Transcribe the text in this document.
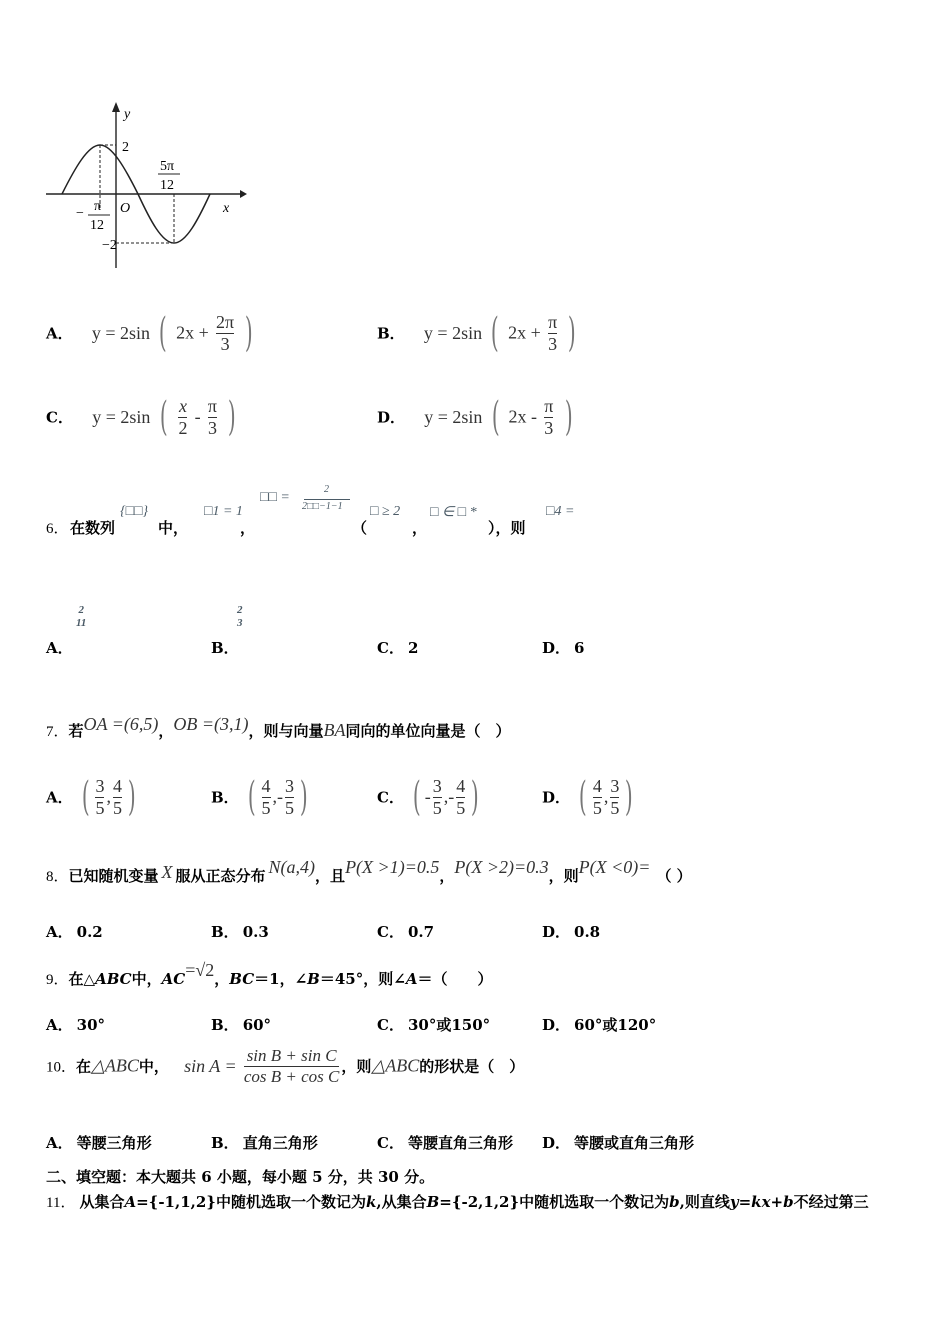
y
x
O
2
−2
5π
12
− π
12
A． y = 2sin ( $2x + \frac{2\pi}{3}$ )	B． y = 2sin ( $2x + \frac{\pi}{3}$ )
C． y = 2sin ( $\frac{x}{2} - \frac{\pi}{3}$ )	D． y = 2sin ( $2x - \frac{\pi}{3}$ )
6． 在数列
{□□}
中，
□1 = 1
，
□□ =
2
2□□−1−1
（
□ ≥ 2
，
□ ∈ □ *
），则
□4 =
A．
2
11
B．
2
3
C． 2	D． 6
7．若OA =(6,5)，OB =(3,1)，则与向量BA同向的单位向量是（　）
A． ( $\frac{3}{5}$ , $\frac{4}{5}$ )	B． ( $\frac{4}{5}$ ,- $\frac{3}{5}$ )	C． ( - $\frac{3}{5}$ ,- $\frac{4}{5}$ )	D． ( $\frac{4}{5}$ , $\frac{3}{5}$ )
8．已知随机变量 X 服从正态分布 N(a,4)，且P(X >1)=0.5，P(X >2)=0.3，则P(X <0)= （ ）
A． 0.2	B． 0.3	C． 0.7	D． 0.8
9．在△ABC中，AC=√2，BC＝1，∠B＝45°，则∠A＝（　　）
A． 30°	B． 60°	C． 30°或150°	D． 60°或120°
10．在△ABC中， $\sin A = \frac{\text{sin B + sin C}}{\text{cos B + cos C}}$ ，则△ABC的形状是（　）
A． 等腰三角形	B． 直角三角形	C． 等腰直角三角形 D． 等腰或直角三角形
二、填空题：本大题共 6 小题，每小题 5 分，共 30 分。
11． 从集合A={-1,1,2}中随机选取一个数记为k,从集合B={-2,1,2}中随机选取一个数记为b,则直线y=kx+b不经过第三
